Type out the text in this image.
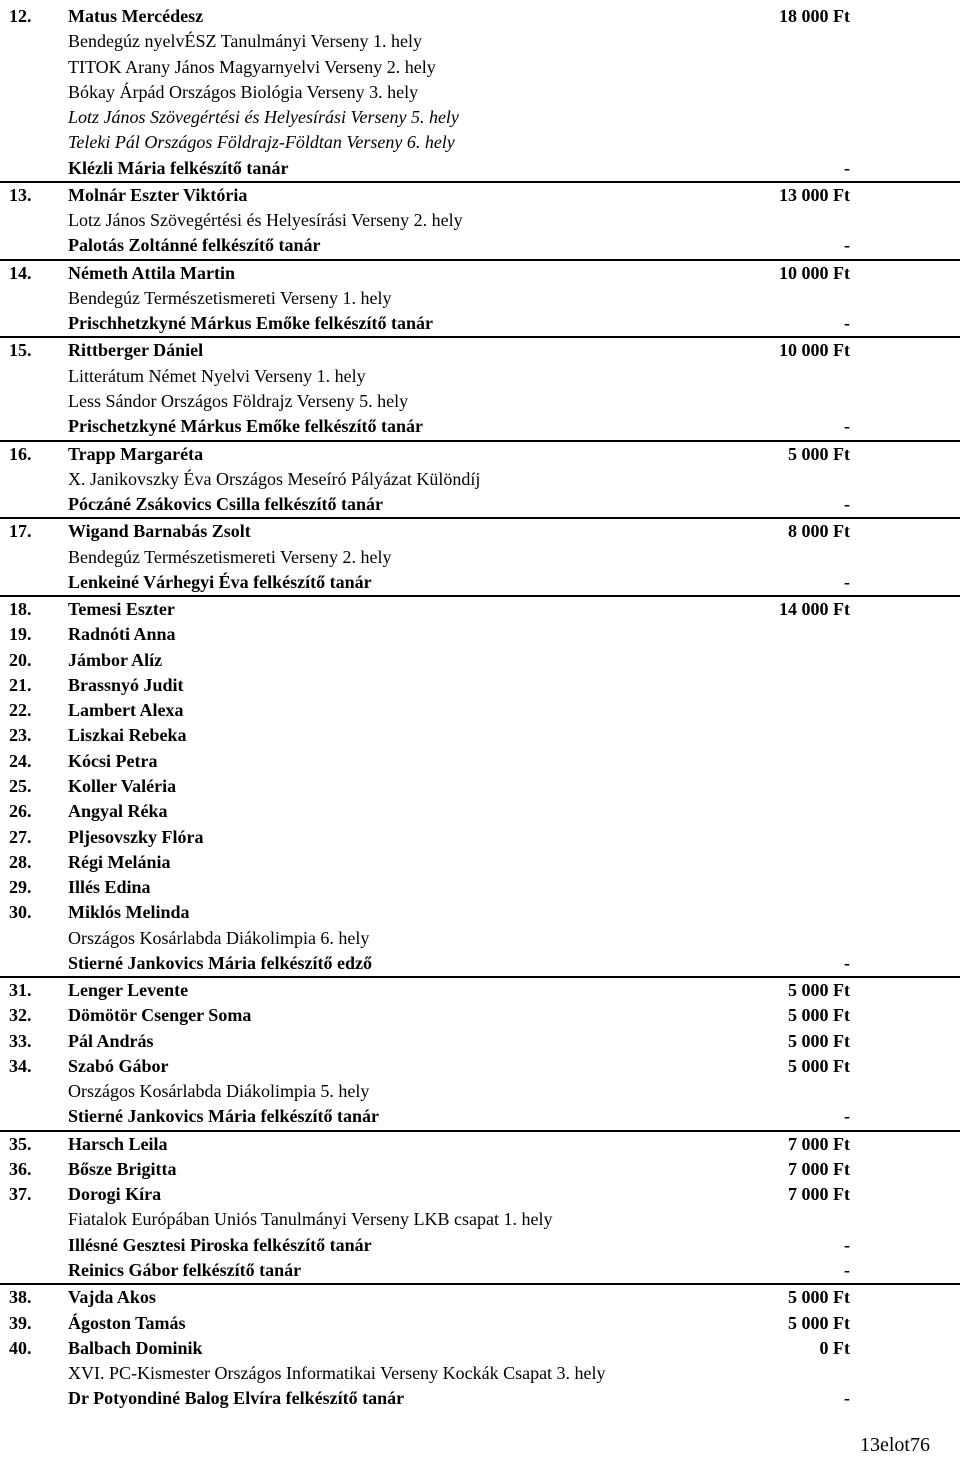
12. Matus Mercédesz	18 000 Ft
Bendegúz nyelvÉSZ Tanulmányi Verseny 1. hely
TITOK Arany János Magyarnyelvi Verseny 2. hely
Bókay Árpád Országos Biológia Verseny 3. hely
Lotz János Szövegértési és Helyesírási Verseny 5. hely
Teleki Pál Országos Földrajz-Földtan Verseny 6. hely
Klézli Mária felkészítő tanár	-
13. Molnár Eszter Viktória	13 000 Ft
Lotz János Szövegértési és Helyesírási Verseny 2. hely
Palotás Zoltánné felkészítő tanár	-
14. Németh Attila Martin	10 000 Ft
Bendegúz Természetismereti Verseny 1. hely
Prischhetzkyné Márkus Emőke felkészítő tanár	-
15. Rittberger Dániel	10 000 Ft
Litterátum Német Nyelvi Verseny 1. hely
Less Sándor Országos Földrajz Verseny 5. hely
Prischetzkyné Márkus Emőke felkészítő tanár	-
16. Trapp Margaréta	5 000 Ft
X. Janikovszky Éva Országos Meseíró Pályázat Különdíj
Póczáné Zsákovics Csilla felkészítő tanár	-
17. Wigand Barnabás Zsolt	8 000 Ft
Bendegúz Természetismereti Verseny 2. hely
Lenkeiné Várhegyi Éva felkészítő tanár	-
18. Temesi Eszter	14 000 Ft
19. Radnóti Anna
20. Jámbor Alíz
21. Brassnyó Judit
22. Lambert Alexa
23. Liszkai Rebeka
24. Kócsi Petra
25. Koller Valéria
26. Angyal Réka
27. Pljesovszky Flóra
28. Régi Melánia
29. Illés Edina
30. Miklós Melinda
Országos Kosárlabda Diákolimpia 6. hely
Stierné Jankovics Mária felkészítő edző	-
31. Lenger Levente	5 000 Ft
32. Dömötör Csenger Soma	5 000 Ft
33. Pál András	5 000 Ft
34. Szabó Gábor	5 000 Ft
Országos Kosárlabda Diákolimpia 5. hely
Stierné Jankovics Mária felkészítő tanár	-
35. Harsch Leila	7 000 Ft
36. Bősze Brigitta	7 000 Ft
37. Dorogi Kíra	7 000 Ft
Fiatalok Európában Uniós Tanulmányi Verseny LKB csapat 1. hely
Illésné Gesztesi Piroska felkészítő tanár	-
Reinics Gábor felkészítő tanár	-
38. Vajda Akos	5 000 Ft
39. Ágoston Tamás	5 000 Ft
40. Balbach Dominik	0 Ft
XVI. PC-Kismester Országos Informatikai Verseny Kockák Csapat 3. hely
Dr Potyondiné Balog Elvíra felkészítő tanár	-
13elot76
